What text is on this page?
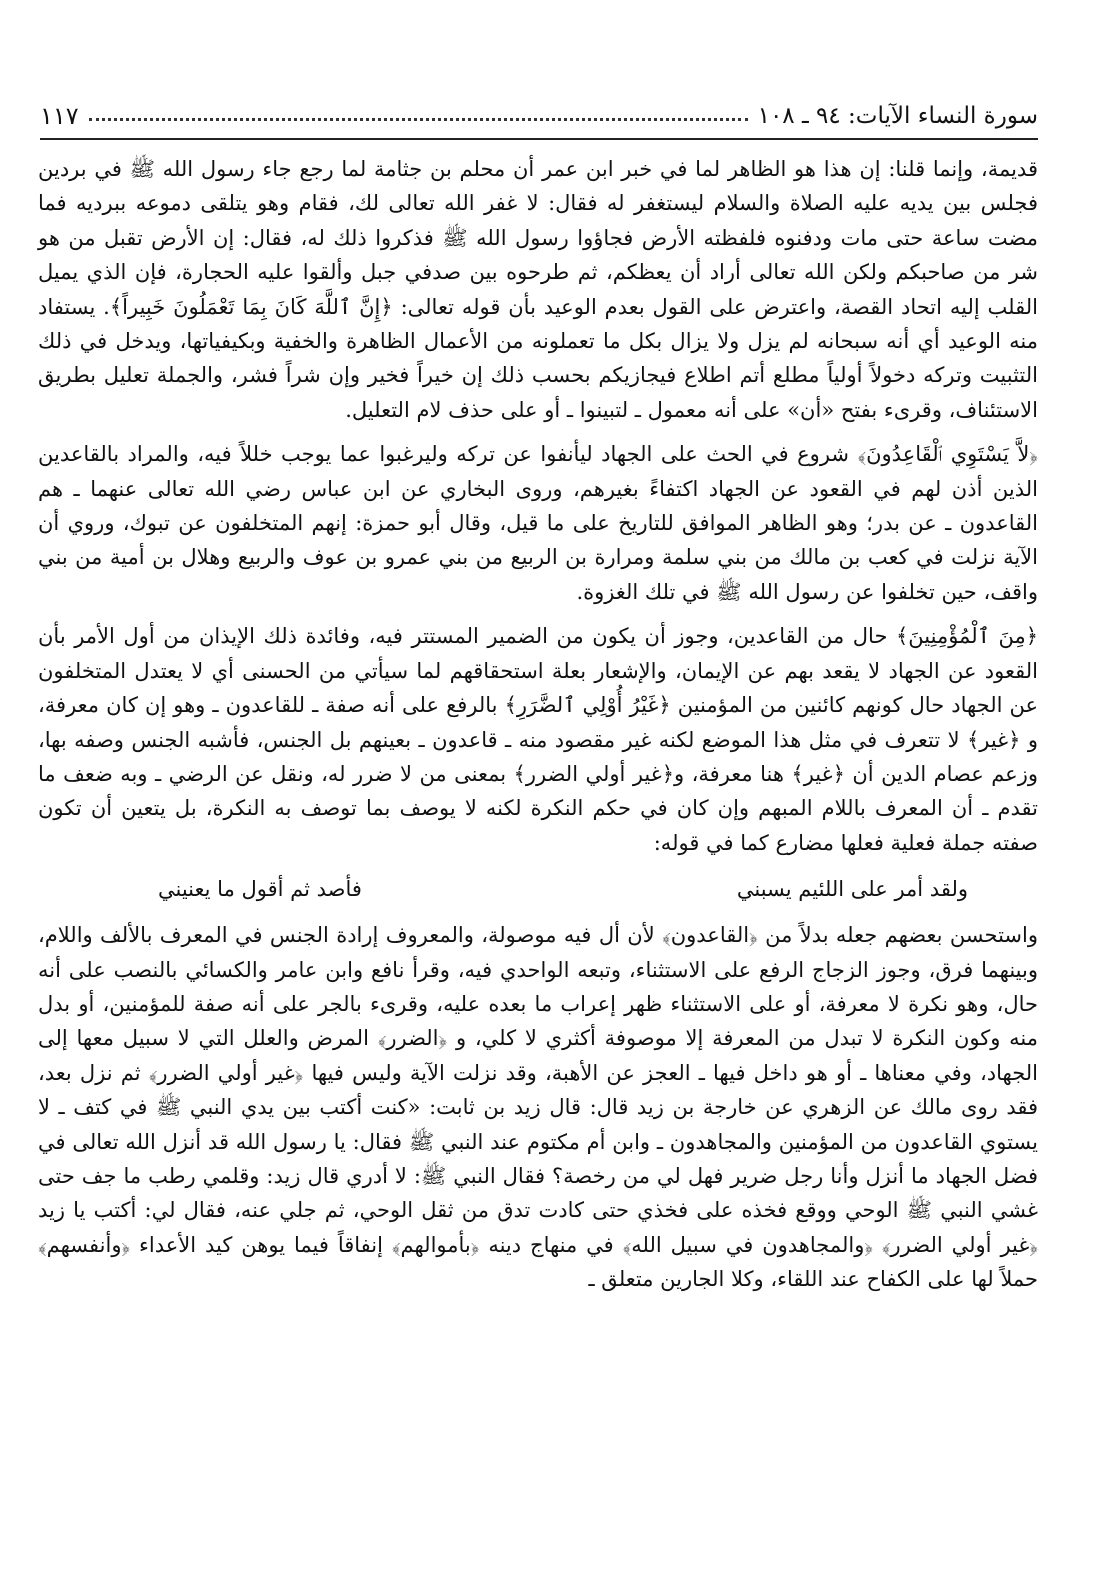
سورة النساء الآيات: ٩٤ ـ ١٠٨
١١٧

قديمة، وإنما قلنا: إن هذا هو الظاهر لما في خبر ابن عمر أن محلم بن جثامة لما رجع جاء رسول الله ﷺ في بردين فجلس بين يديه عليه الصلاة والسلام ليستغفر له فقال: لا غفر الله تعالى لك، فقام وهو يتلقى دموعه ببرديه فما مضت ساعة حتى مات ودفنوه فلفظته الأرض فجاؤوا رسول الله ﷺ فذكروا ذلك له، فقال: إن الأرض تقبل من هو شر من صاحبكم ولكن الله تعالى أراد أن يعظكم، ثم طرحوه بين صدفي جبل وألقوا عليه الحجارة، فإن الذي يميل القلب إليه اتحاد القصة، واعترض على القول بعدم الوعيد بأن قوله تعالى: ﴿إِنَّ ٱللَّهَ كَانَ بِمَا تَعْمَلُونَ خَبِيراً﴾. يستفاد منه الوعيد أي أنه سبحانه لم يزل ولا يزال بكل ما تعملونه من الأعمال الظاهرة والخفية وبكيفياتها، ويدخل في ذلك التثبيت وتركه دخولاً أولياً مطلع أتم اطلاع فيجازيكم بحسب ذلك إن خيراً فخير وإن شراً فشر، والجملة تعليل بطريق الاستئناف، وقرىء بفتح «أن» على أنه معمول ـ لتبينوا ـ أو على حذف لام التعليل.

﴿لاَّ يَسْتَوِي ٱلْقَاعِدُونَ﴾ شروع في الحث على الجهاد ليأنفوا عن تركه وليرغبوا عما يوجب خللاً فيه، والمراد بالقاعدين الذين أذن لهم في القعود عن الجهاد اكتفاءً بغيرهم، وروى البخاري عن ابن عباس رضي الله تعالى عنهما ـ هم القاعدون ـ عن بدر؛ وهو الظاهر الموافق للتاريخ على ما قيل، وقال أبو حمزة: إنهم المتخلفون عن تبوك، وروي أن الآية نزلت في كعب بن مالك من بني سلمة ومرارة بن الربيع من بني عمرو بن عوف والربيع وهلال بن أمية من بني واقف، حين تخلفوا عن رسول الله ﷺ في تلك الغزوة.

﴿مِنَ ٱلْمُؤْمِنِينَ﴾ حال من القاعدين، وجوز أن يكون من الضمير المستتر فيه، وفائدة ذلك الإيذان من أول الأمر بأن القعود عن الجهاد لا يقعد بهم عن الإيمان، والإشعار بعلة استحقاقهم لما سيأتي من الحسنى أي لا يعتدل المتخلفون عن الجهاد حال كونهم كائنين من المؤمنين ﴿غَيْرُ أُوْلِي ٱلضَّرَرِ﴾ بالرفع على أنه صفة ـ للقاعدون ـ وهو إن كان معرفة، و ﴿غير﴾ لا تتعرف في مثل هذا الموضع لكنه غير مقصود منه ـ قاعدون ـ بعينهم بل الجنس، فأشبه الجنس وصفه بها، وزعم عصام الدين أن ﴿غير﴾ هنا معرفة، و﴿غير أولي الضرر﴾ بمعنى من لا ضرر له، ونقل عن الرضي ـ وبه ضعف ما تقدم ـ أن المعرف باللام المبهم وإن كان في حكم النكرة لكنه لا يوصف بما توصف به النكرة، بل يتعين أن تكون صفته جملة فعلية فعلها مضارع كما في قوله:

ولقد أمر على اللئيم يسبني
فأصد ثم أقول ما يعنيني

واستحسن بعضهم جعله بدلاً من ﴿القاعدون﴾ لأن أل فيه موصولة، والمعروف إرادة الجنس في المعرف بالألف واللام، وبينهما فرق، وجوز الزجاج الرفع على الاستثناء، وتبعه الواحدي فيه، وقرأ نافع وابن عامر والكسائي بالنصب على أنه حال، وهو نكرة لا معرفة، أو على الاستثناء ظهر إعراب ما بعده عليه، وقرىء بالجر على أنه صفة للمؤمنين، أو بدل منه وكون النكرة لا تبدل من المعرفة إلا موصوفة أكثري لا كلي، و ﴿الضرر﴾ المرض والعلل التي لا سبيل معها إلى الجهاد، وفي معناها ـ أو هو داخل فيها ـ العجز عن الأهبة، وقد نزلت الآية وليس فيها ﴿غير أولي الضرر﴾ ثم نزل بعد، فقد روى مالك عن الزهري عن خارجة بن زيد قال: قال زيد بن ثابت: «كنت أكتب بين يدي النبي ﷺ في كتف ـ لا يستوي القاعدون من المؤمنين والمجاهدون ـ وابن أم مكتوم عند النبي ﷺ فقال: يا رسول الله قد أنزل الله تعالى في فضل الجهاد ما أنزل وأنا رجل ضرير فهل لي من رخصة؟ فقال النبي ﷺ: لا أدري قال زيد: وقلمي رطب ما جف حتى غشي النبي ﷺ الوحي ووقع فخذه على فخذي حتى كادت تدق من ثقل الوحي، ثم جلي عنه، فقال لي: أكتب يا زيد ﴿غير أولي الضرر﴾ ﴿والمجاهدون في سبيل الله﴾ في منهاج دينه ﴿بأموالهم﴾ إنفاقاً فيما يوهن كيد الأعداء ﴿وأنفسهم﴾ حملاً لها على الكفاح عند اللقاء، وكلا الجارين متعلق ـ
